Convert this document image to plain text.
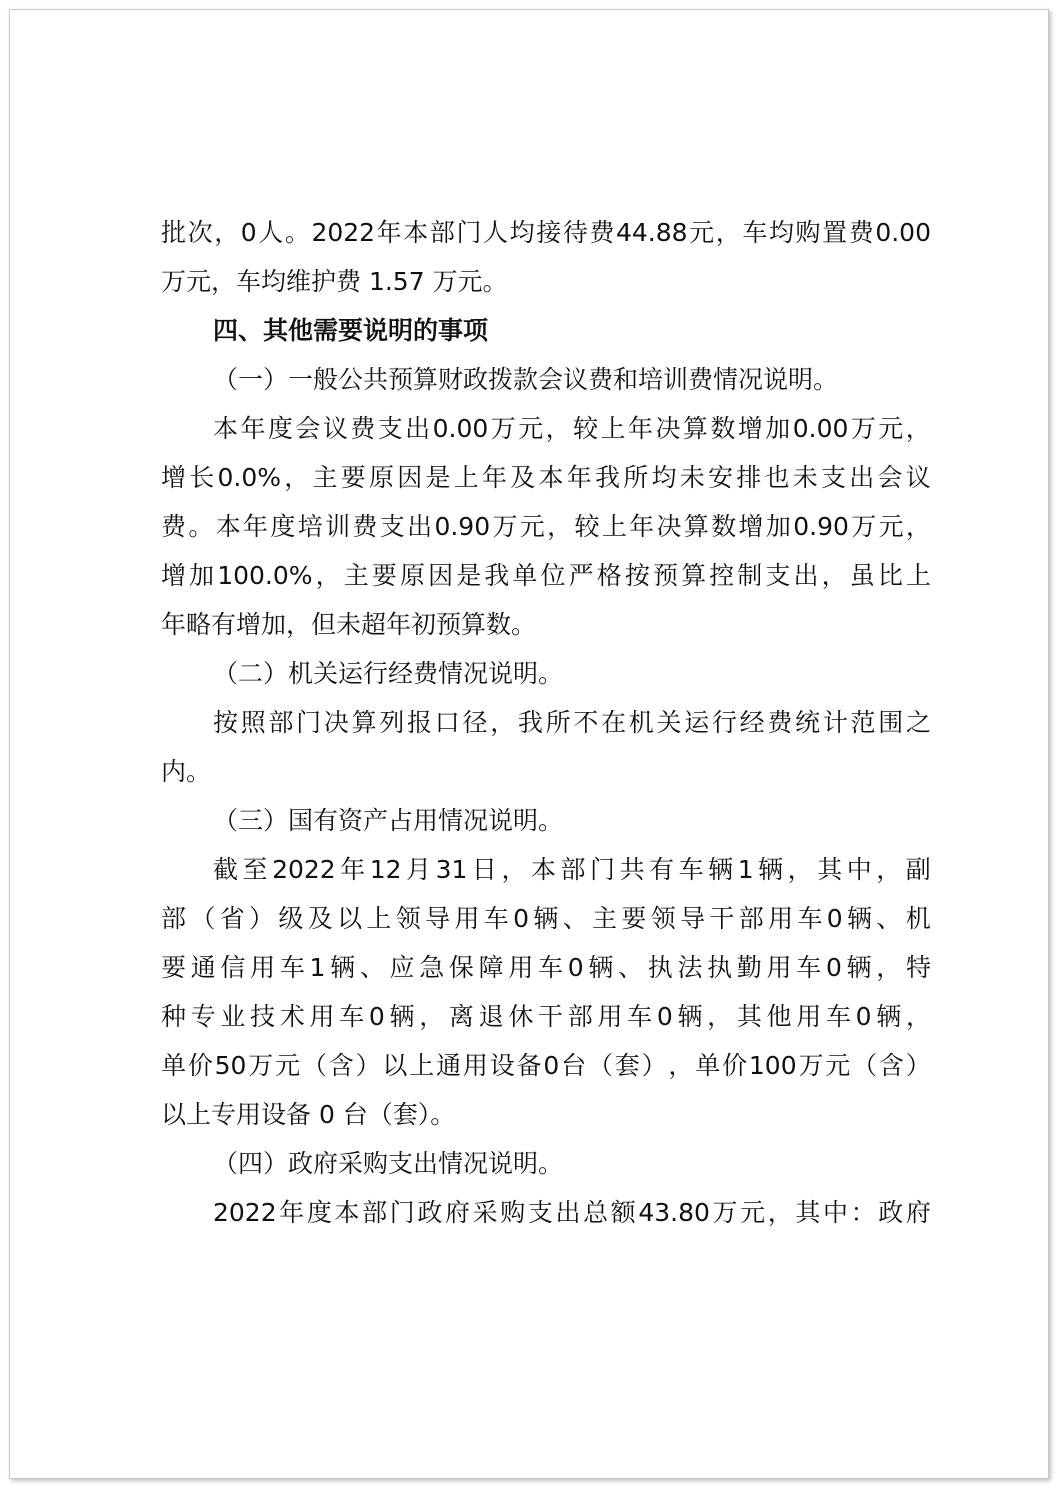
批 次 ， 0 人 。 2022 年 本 部 门 人 均 接 待 费 44.88 元 ， 车 均 购 置 费 0.00
万元，车均维护费 1.57 万元。
四、其他需要说明的事项
（一）一般公共预算财政拨款会议费和培训费情况说明。
本 年 度 会 议 费 支 出 0.00 万 元 ， 较 上 年 决 算 数 增 加 0.00 万 元 ，
增 长 0.0% ， 主 要 原 因 是 上 年 及 本 年 我 所 均 未 安 排 也 未 支 出 会 议
费 。 本 年 度 培 训 费 支 出 0.90 万 元 ， 较 上 年 决 算 数 增 加 0.90 万 元 ，
增 加 100.0% ， 主 要 原 因 是 我 单 位 严 格 按 预 算 控 制 支 出 ， 虽 比 上
年略有增加，但未超年初预算数。
（二）机关运行经费情况说明。
按 照 部 门 决 算 列 报 口 径 ， 我 所 不 在 机 关 运 行 经 费 统 计 范 围 之
内。
（三）国有资产占用情况说明。
截 至 2022 年 12 月 31 日 ， 本 部 门 共 有 车 辆 1 辆 ， 其 中 ， 副
部 （ 省 ） 级 及 以 上 领 导 用 车 0 辆 、 主 要 领 导 干 部 用 车 0 辆 、 机
要 通 信 用 车 1 辆 、 应 急 保 障 用 车 0 辆 、 执 法 执 勤 用 车 0 辆 ， 特
种 专 业 技 术 用 车 0 辆 ， 离 退 休 干 部 用 车 0 辆 ， 其 他 用 车 0 辆 ，
单 价 50 万 元 （ 含 ） 以 上 通 用 设 备 0 台 （ 套 ） ， 单 价 100 万 元 （ 含 ）
以上专用设备 0 台（套）。
（四）政府采购支出情况说明。
2022 年 度 本 部 门 政 府 采 购 支 出 总 额 43.80 万 元 ， 其 中 ： 政 府
